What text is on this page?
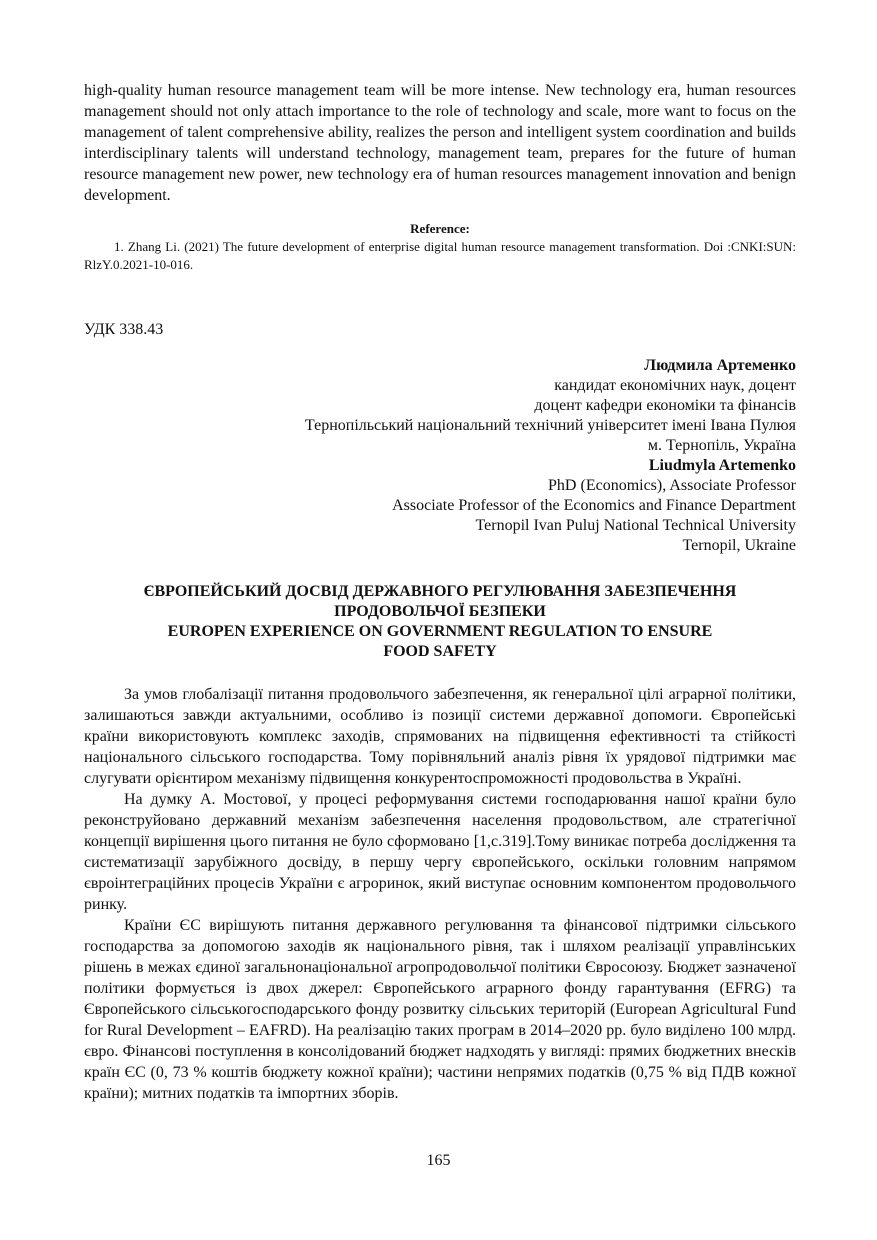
high-quality human resource management team will be more intense. New technology era, human resources management should not only attach importance to the role of technology and scale, more want to focus on the management of talent comprehensive ability, realizes the person and intelligent system coordination and builds interdisciplinary talents will understand technology, management team, prepares for the future of human resource management new power, new technology era of human resources management innovation and benign development.

Reference:

1. Zhang Li. (2021) The future development of enterprise digital human resource management transformation. Doi :CNKI:SUN: RlzY.0.2021-10-016.

УДК 338.43

Людмила Артеменко
кандидат економічних наук, доцент
доцент кафедри економіки та фінансів
Тернопільський національний технічний університет імені Івана Пулюя
м. Тернопіль, Україна
Liudmyla Artemenko
PhD (Economics), Associate Professor
Associate Professor of the Economics and Finance Department
Ternopil Ivan Puluj National Technical University
Ternopil, Ukraine
ЄВРОПЕЙСЬКИЙ ДОСВІД ДЕРЖАВНОГО РЕГУЛЮВАННЯ ЗАБЕЗПЕЧЕННЯ
ПРОДОВОЛЬЧОЇ БЕЗПЕКИ
EUROPEN EXPERIENCE ON GOVERNMENT REGULATION TO ENSURE
FOOD SAFETY

За умов глобалізації питання продовольчого забезпечення, як генеральної цілі аграрної політики, залишаються завжди актуальними, особливо із позиції системи державної допомоги. Європейські країни використовують комплекс заходів, спрямованих на підвищення ефективності та стійкості національного сільського господарства. Тому порівняльний аналіз рівня їх урядової підтримки має слугувати орієнтиром механізму підвищення конкурентоспроможності продовольства в Україні.

На думку А. Мостової, у процесі реформування системи господарювання нашої країни було реконструйовано державний механізм забезпечення населення продовольством, але стратегічної концепції вирішення цього питання не було сформовано [1,с.319].Тому виникає потреба дослідження та систематизації зарубіжного досвіду, в першу чергу європейського, оскільки головним напрямом євроінтеграційних процесів України є агроринок, який виступає основним компонентом продовольчого ринку.

Країни ЄС вирішують питання державного регулювання та фінансової підтримки сільського господарства за допомогою заходів як національного рівня, так і шляхом реалізації управлінських рішень в межах єдиної загальнонаціональної агропродовольчої політики Євросоюзу. Бюджет зазначеної політики формується із двох джерел: Європейського аграрного фонду гарантування (EFRG) та Європейського сільськогосподарського фонду розвитку сільських територій (European Agricultural Fund for Rural Development – EAFRD). На реалізацію таких програм в 2014–2020 рр. було виділено 100 млрд. євро. Фінансові поступлення в консолідований бюджет надходять у вигляді: прямих бюджетних внесків країн ЄС (0, 73 % коштів бюджету кожної країни); частини непрямих податків (0,75 % від ПДВ кожної країни); митних податків та імпортних зборів.

165
